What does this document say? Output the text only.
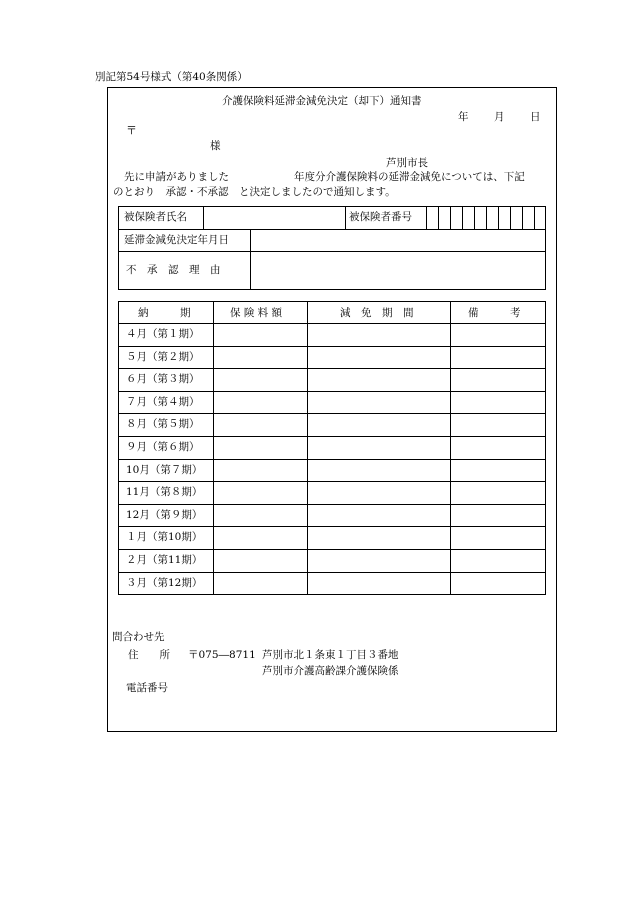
別記第54号様式（第40条関係）
介護保険料延滞金減免決定（却下）通知書
年 月 日
〒
様
芦別市長
先に申請がありました	年度分介護保険料の延滞金減免については、下記
のとおり　承認・不承認　と決定しましたので通知します。
被保険者氏名	被保険者番号
延滞金減免決定年月日
不　承　認　理　由
納　　　期	保 険 料 額	減　免　期　間	備　　　考
４月（第１期）
５月（第２期）
６月（第３期）
７月（第４期）
８月（第５期）
９月（第６期）
10月（第７期）
11月（第８期）
12月（第９期）
１月（第10期）
２月（第11期）
３月（第12期）
問合わせ先
住　　所 〒075―8711 芦別市北１条東１丁目３番地
芦別市介護高齢課介護保険係
電話番号
